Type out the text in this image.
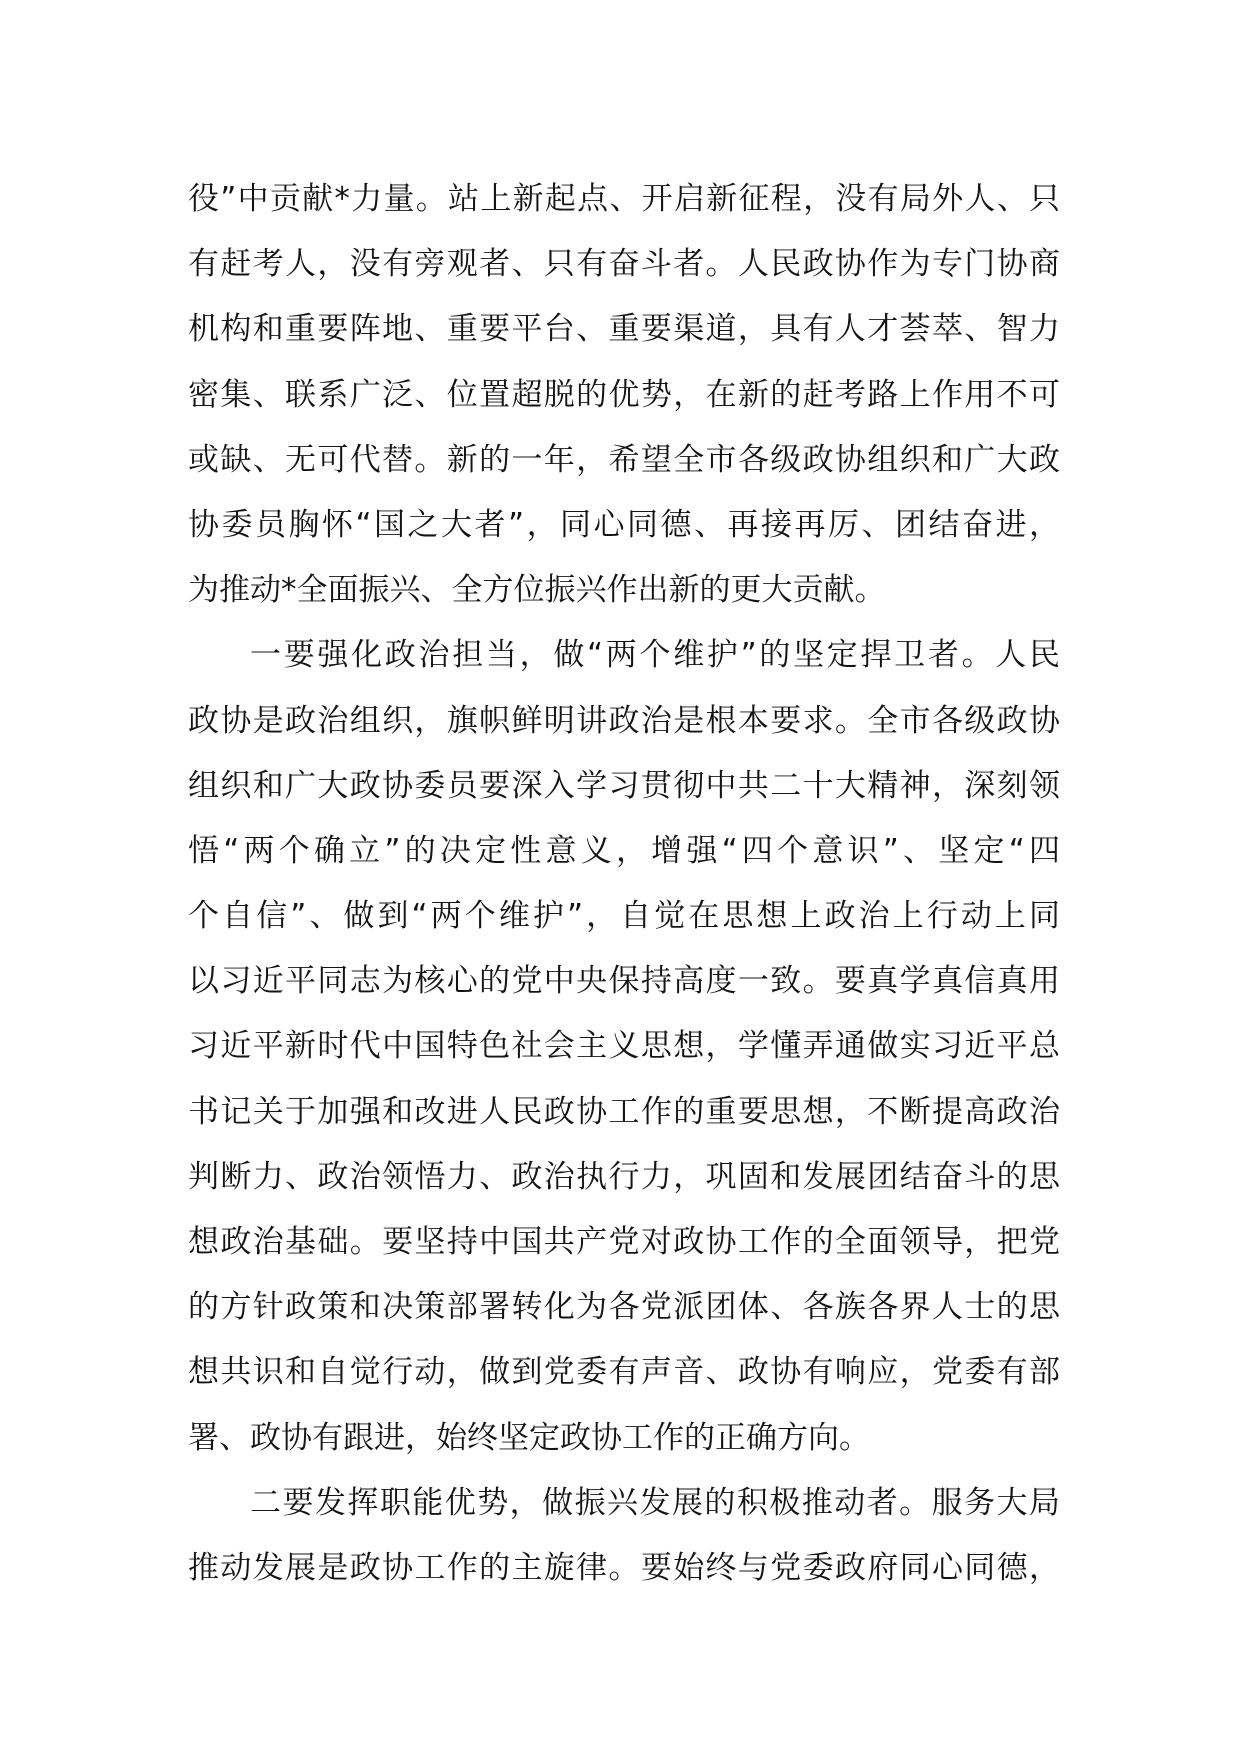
役”中贡献*力量。站上新起点、开启新征程，没有局外人、只
有赶考人，没有旁观者、只有奋斗者。人民政协作为专门协商
机构和重要阵地、重要平台、重要渠道，具有人才荟萃、智力
密集、联系广泛、位置超脱的优势，在新的赶考路上作用不可
或缺、无可代替。新的一年，希望全市各级政协组织和广大政
协委员胸怀“国之大者”，同心同德、再接再厉、团结奋进，
为推动*全面振兴、全方位振兴作出新的更大贡献。
一要强化政治担当，做“两个维护”的坚定捍卫者。人民
政协是政治组织，旗帜鲜明讲政治是根本要求。全市各级政协
组织和广大政协委员要深入学习贯彻中共二十大精神，深刻领
悟“两个确立”的决定性意义，增强“四个意识”、坚定“四
个自信”、做到“两个维护”，自觉在思想上政治上行动上同
以习近平同志为核心的党中央保持高度一致。要真学真信真用
习近平新时代中国特色社会主义思想，学懂弄通做实习近平总
书记关于加强和改进人民政协工作的重要思想，不断提高政治
判断力、政治领悟力、政治执行力，巩固和发展团结奋斗的思
想政治基础。要坚持中国共产党对政协工作的全面领导，把党
的方针政策和决策部署转化为各党派团体、各族各界人士的思
想共识和自觉行动，做到党委有声音、政协有响应，党委有部
署、政协有跟进，始终坚定政协工作的正确方向。
二要发挥职能优势，做振兴发展的积极推动者。服务大局
推动发展是政协工作的主旋律。要始终与党委政府同心同德，
